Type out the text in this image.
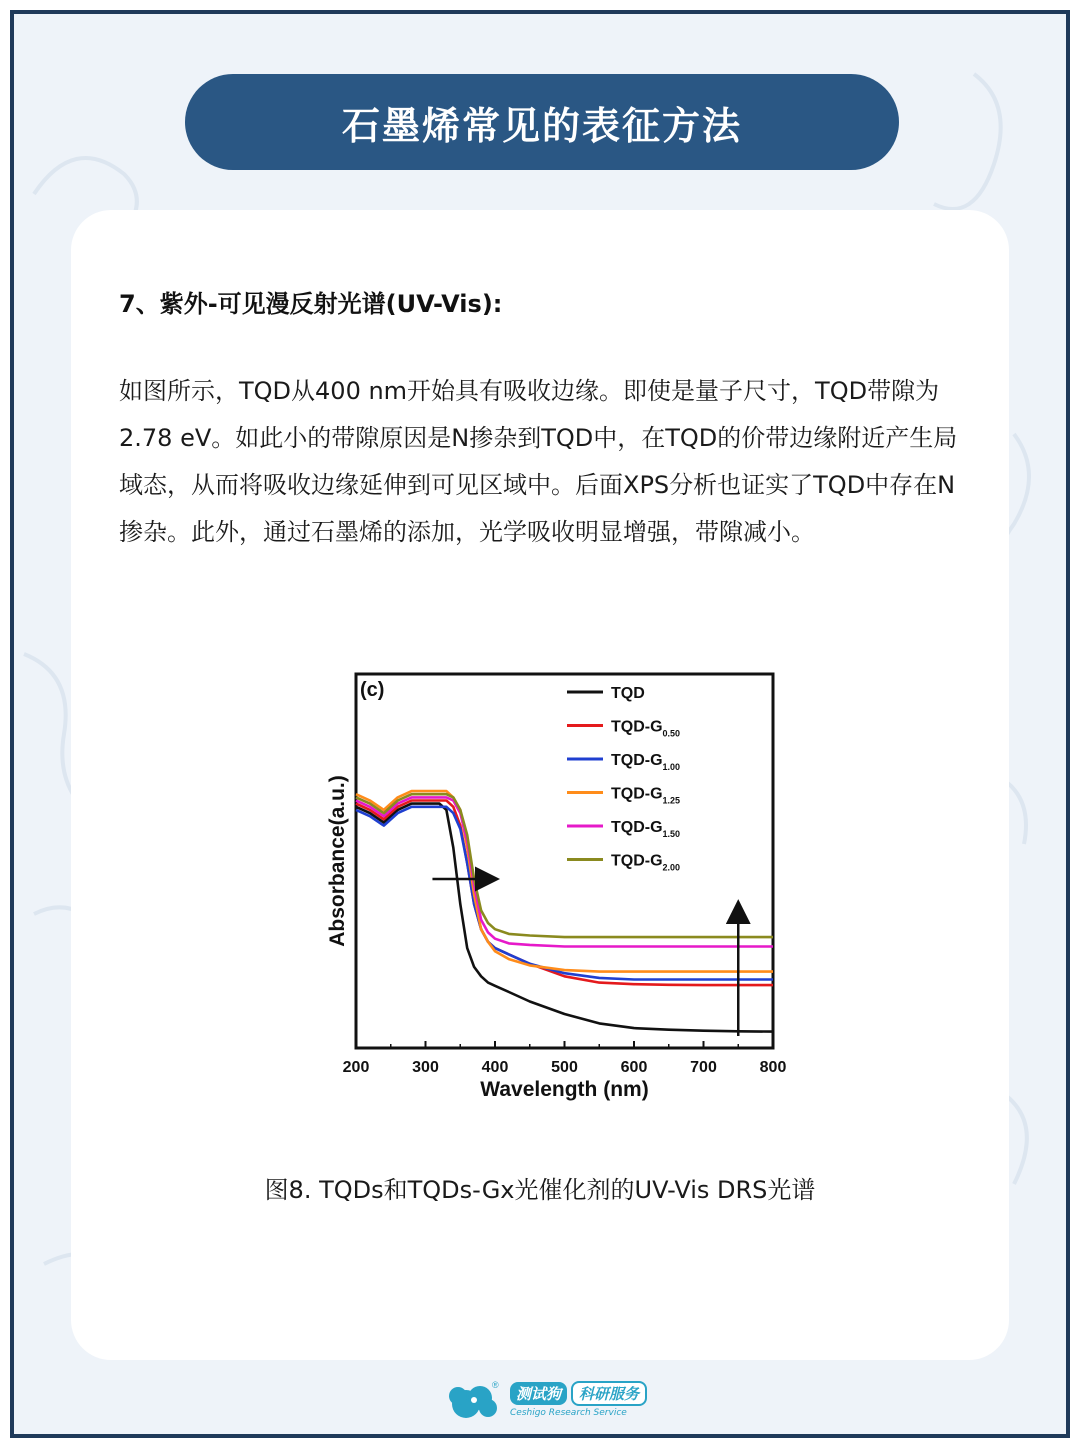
石墨烯常见的表征方法
7、紫外-可见漫反射光谱(UV-Vis):
如图所示，TQD从400 nm开始具有吸收边缘。即使是量子尺寸，TQD带隙为2.78 eV。如此小的带隙原因是N掺杂到TQD中，在TQD的价带边缘附近产生局域态，从而将吸收边缘延伸到可见区域中。后面XPS分析也证实了TQD中存在N掺杂。此外，通过石墨烯的添加，光学吸收明显增强，带隙减小。
(c)
200	300	400	500	600	700	800
Wavelength (nm)
Absorbance(a.u.)
TQD
TQD-$G_{0.50}$
TQD-$G_{1.00}$
TQD-$G_{1.25}$
TQD-$G_{1.50}$
TQD-$G_{2.00}$
图8. TQDs和TQDs-Gx光催化剂的UV-Vis DRS光谱
®	测试狗	科研服务
Ceshigo Research Service
